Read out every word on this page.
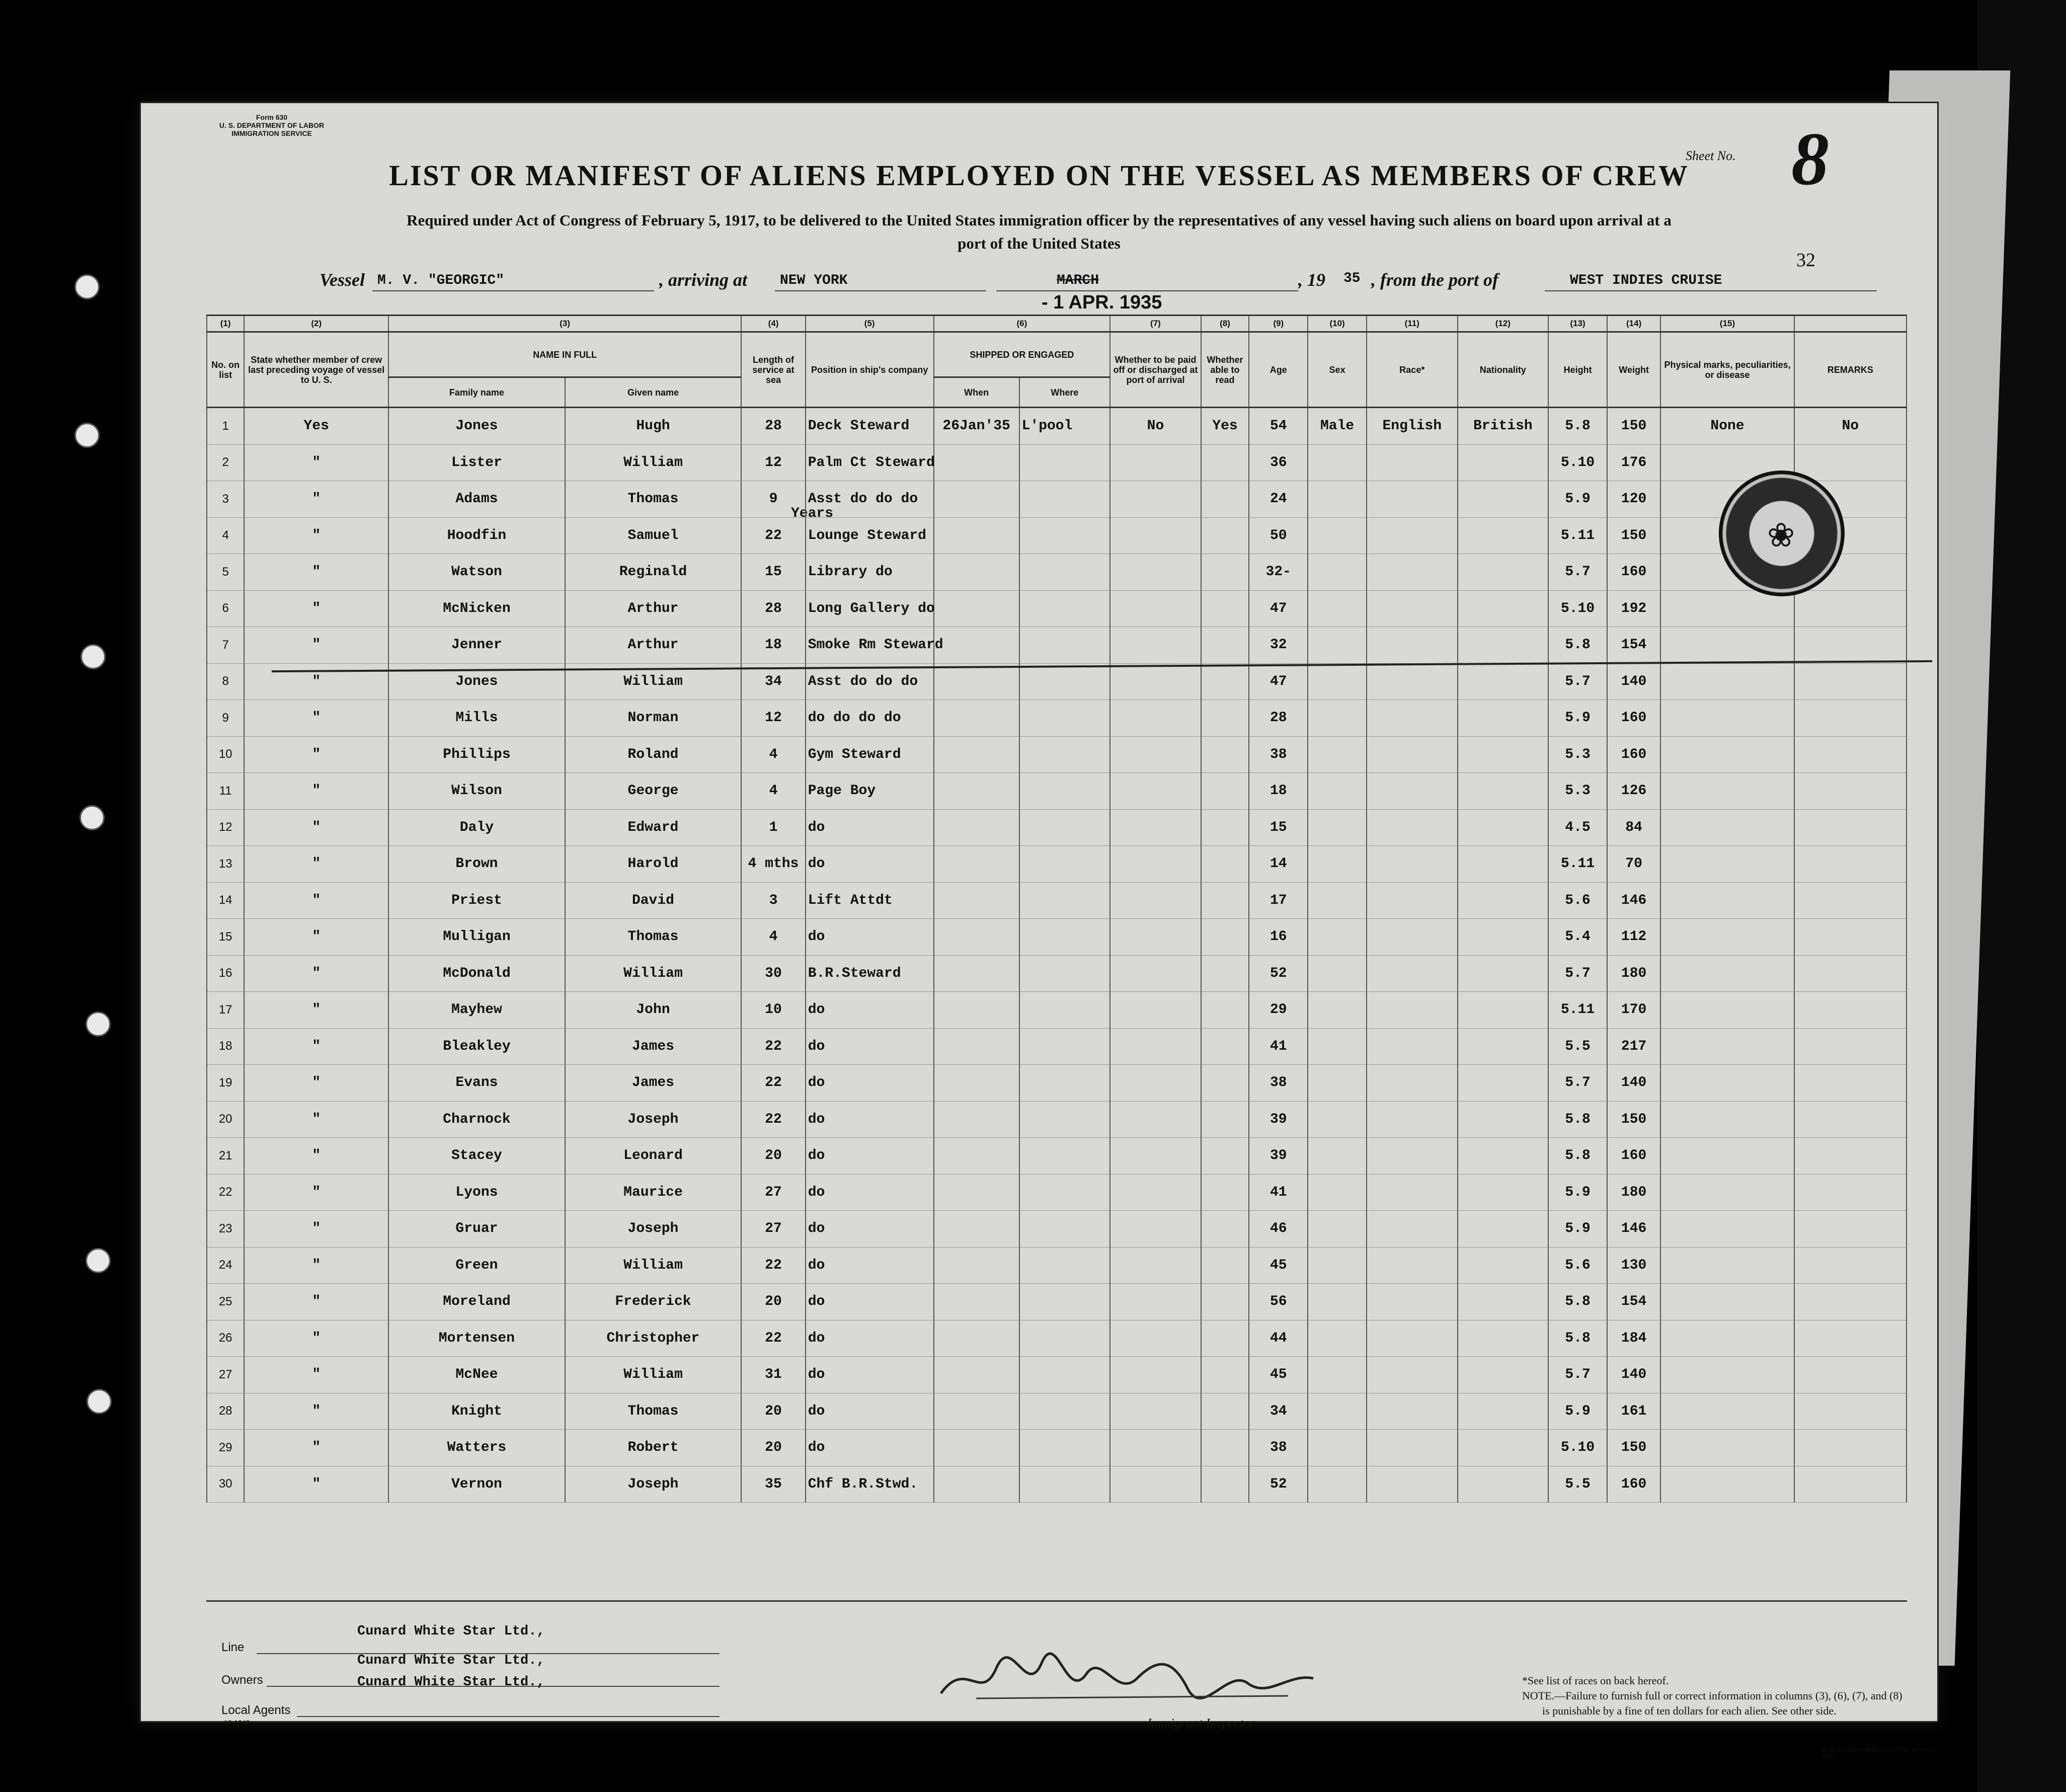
Form 630
U. S. DEPARTMENT OF LABOR
IMMIGRATION SERVICE
Sheet No. 8
32
LIST OR MANIFEST OF ALIENS EMPLOYED ON THE VESSEL AS MEMBERS OF CREW
Required under Act of Congress of February 5, 1917, to be delivered to the United States immigration officer by the representatives of any vessel having such aliens on board upon arrival at a
port of the United States
Vessel M. V. "GEORGIC"	, arriving at NEW YORK	MARCH	, 19 35 , from the port of	WEST INDIES CRUISE
- 1 APR. 1935
Years
(1)	(2)	(3)		(4)	(5)	(6)		(7)	(8)	(9)	(10)	(11)	(12)	(13)	(14)	(15)	
No. on list	State whether member of crew last preceding voyage of vessel to U. S.	NAME IN FULL		Length of service at sea	Position in ship's company	SHIPPED OR ENGAGED		Whether to be paid off or discharged at port of arrival	Whether able to read	Age	Sex	Race*	Nationality	Height	Weight	Physical marks, peculiarities, or disease	REMARKS
		Family name	Given name			When	Where										
1	Yes	Jones	Hugh	28	Deck Steward	26Jan'35	L'pool	No	Yes	54	Male	English	British	5.8	150	None	No
2	"	Lister	William	12	Palm Ct Steward					36				5.10	176		
3	"	Adams	Thomas	9	Asst do do do					24				5.9	120		
4	"	Hoodfin	Samuel	22	Lounge Steward					50				5.11	150		
5	"	Watson	Reginald	15	Library do					32-				5.7	160		
6	"	McNicken	Arthur	28	Long Gallery do					47				5.10	192		
7	"	Jenner	Arthur	18	Smoke Rm Steward					32				5.8	154		
8	"	Jones	William	34	Asst do do do					47				5.7	140		
9	"	Mills	Norman	12	do do do do					28				5.9	160		
10	"	Phillips	Roland	4	Gym Steward					38				5.3	160		
11	"	Wilson	George	4	Page Boy					18				5.3	126		
12	"	Daly	Edward	1	do					15				4.5	84		
13	"	Brown	Harold	4 mths	do					14				5.11	70		
14	"	Priest	David	3	Lift Attdt					17				5.6	146		
15	"	Mulligan	Thomas	4	do					16				5.4	112		
16	"	McDonald	William	30	B.R.Steward					52				5.7	180		
17	"	Mayhew	John	10	do					29				5.11	170		
18	"	Bleakley	James	22	do					41				5.5	217		
19	"	Evans	James	22	do					38				5.7	140		
20	"	Charnock	Joseph	22	do					39				5.8	150		
21	"	Stacey	Leonard	20	do					39				5.8	160		
22	"	Lyons	Maurice	27	do					41				5.9	180		
23	"	Gruar	Joseph	27	do					46				5.9	146		
24	"	Green	William	22	do					45				5.6	130		
25	"	Moreland	Frederick	20	do					56				5.8	154		
26	"	Mortensen	Christopher	22	do					44				5.8	184		
27	"	McNee	William	31	do					45				5.7	140		
28	"	Knight	Thomas	20	do					34				5.9	161		
29	"	Watters	Robert	20	do					38				5.10	150		
30	"	Vernon	Joseph	35	Chf B.R.Stwd.					52				5.5	160		
❀
Line
Cunard White Star Ltd.,
Owners
Cunard White Star Ltd.,
Cunard White Star Ltd.,
Local Agents
12-1240	Immigrant Inspector.
*See list of races on back hereof.
NOTE.—Failure to furnish full or correct information in columns (3), (6), (7), and (8)
is punishable by a fine of ten dollars for each alien. See other side.
U. S. GOVERNMENT PRINTING OFFICE: 1934
